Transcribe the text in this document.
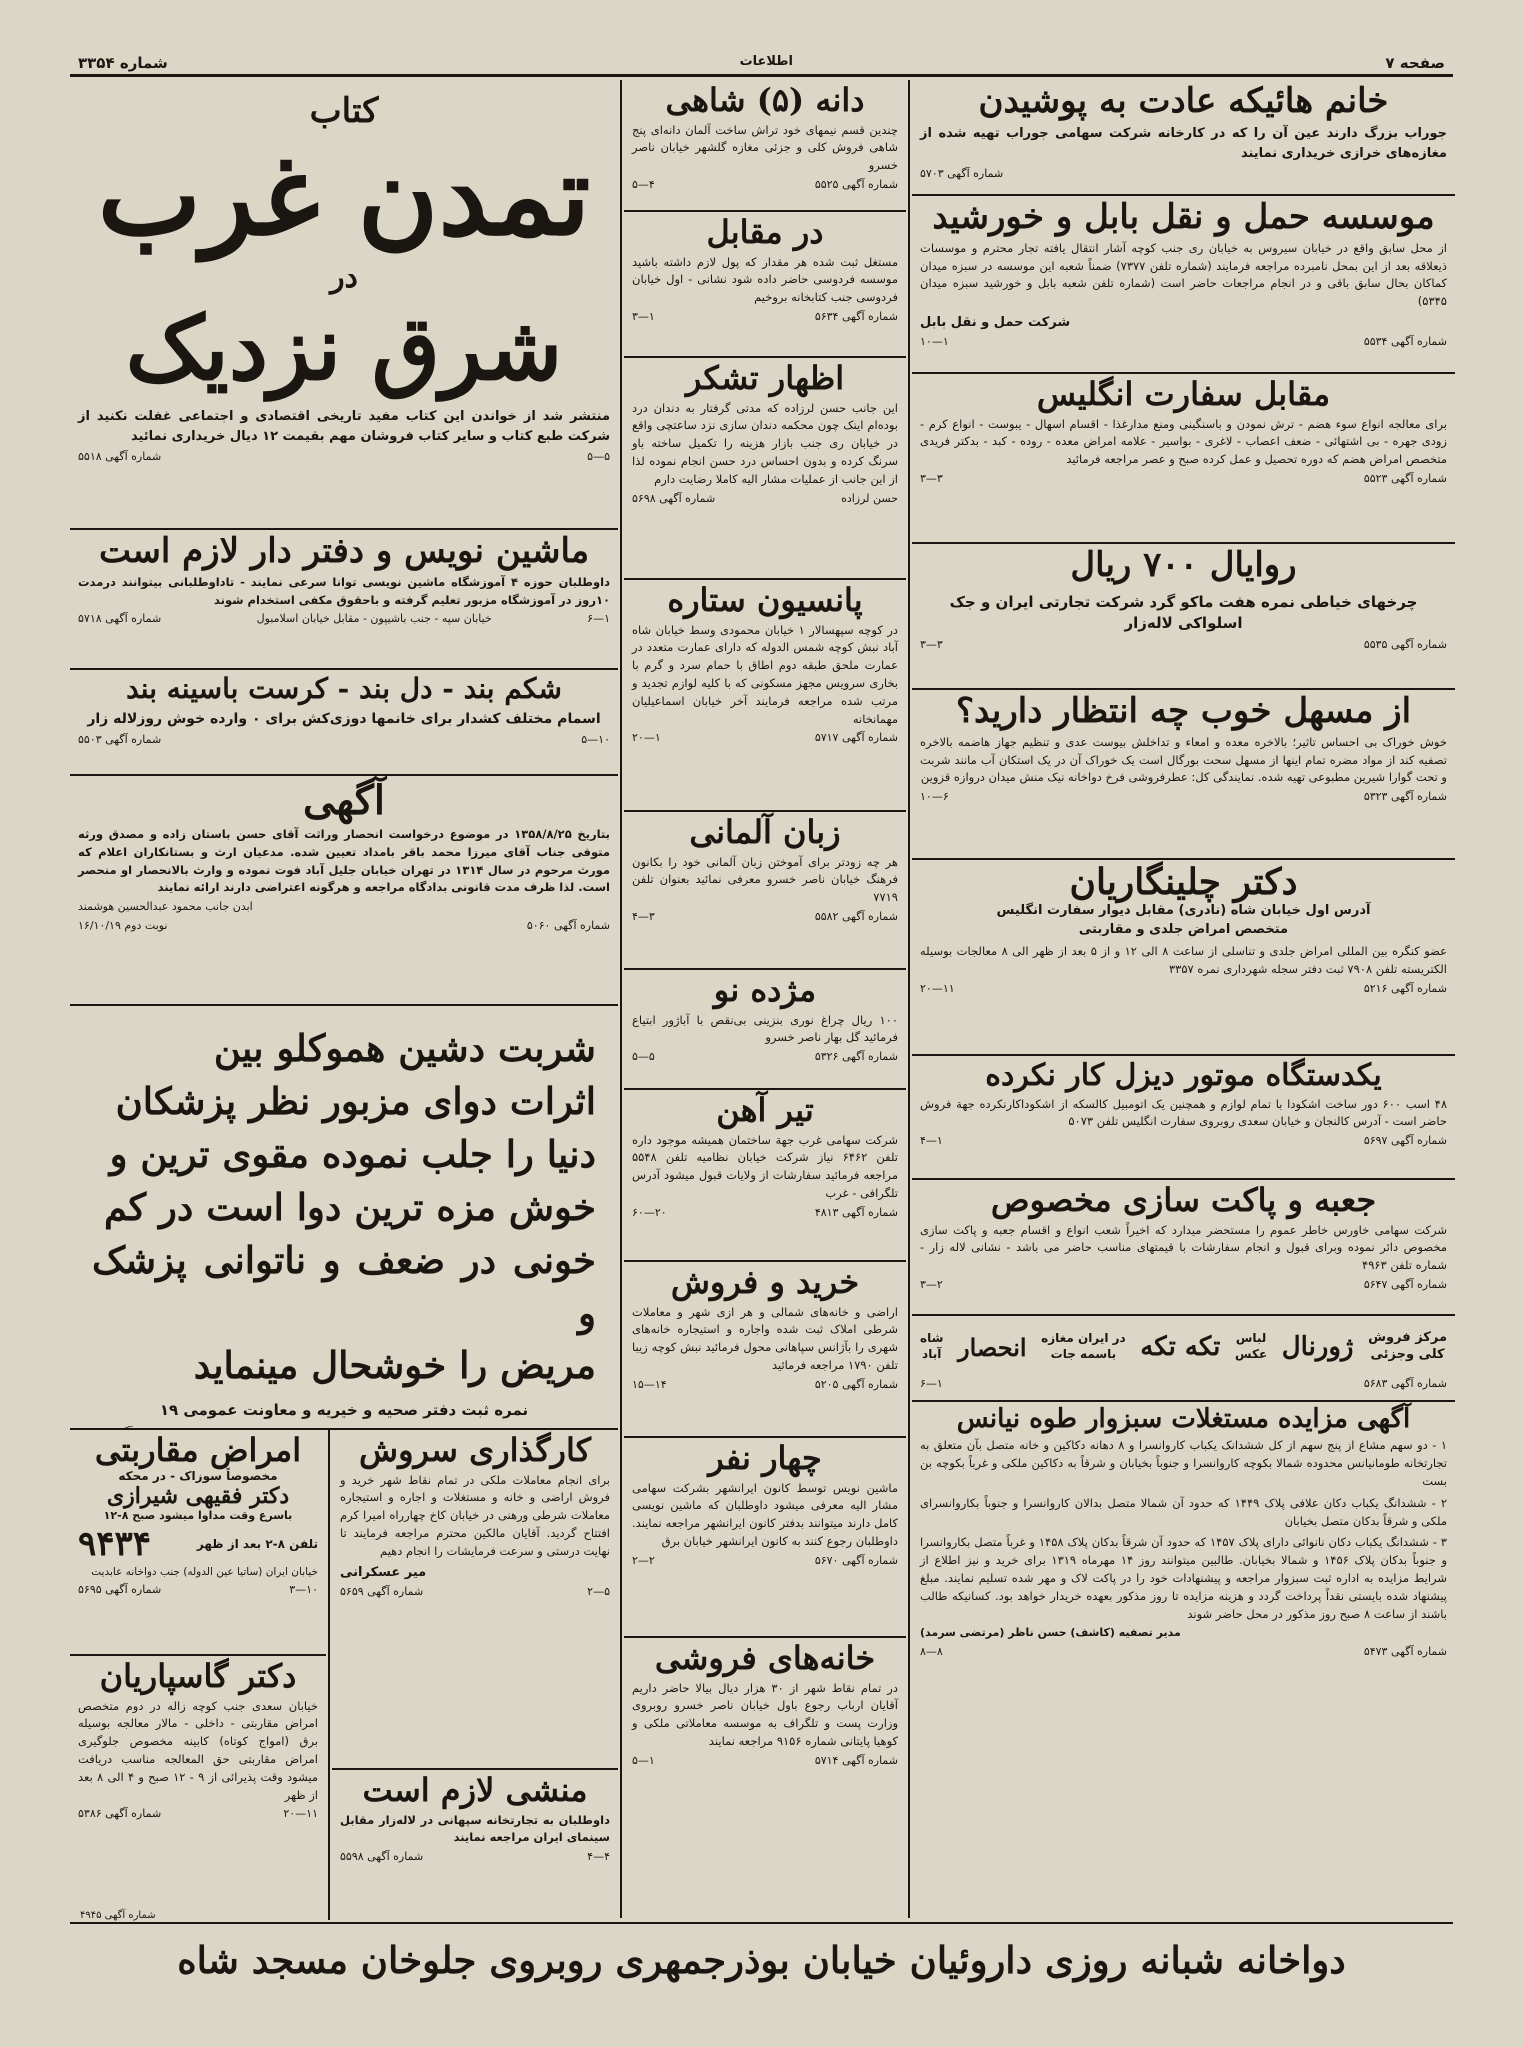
صفحه ۷
اطلاعات
شماره ۳۳۵۴
خانم هائیکه عادت به پوشیدن
جوراب بزرگ دارند عین آن را که در کارخانه شرکت سهامی جوراب تهیه شده از مغازه‌های خرازی خریداری نمایند
شماره آگهی ۵۷۰۳
موسسه حمل و نقل بابل و خورشید
از محل سابق واقع در خیابان سیروس به خیابان ری جنب کوچه آشار انتقال یافته تجار محترم و موسسات ذیعلاقه بعد از این بمحل نامبرده مراجعه فرمایند (شماره تلفن ۷۳۷۷) ضمناً شعبه این موسسه در سبزه میدان کماکان بحال سابق باقی و در انجام مراجعات حاضر است (شماره تلفن شعبه بابل و خورشید سبزه میدان ۵۳۴۵)
شرکت حمل و نقل بابل
شماره آگهی ۵۵۳۴
۱—۱۰
مقابل سفارت انگلیس
برای معالجه انواع سوء هضم - ترش نمودن و باسنگینی ومنع مدارغذا - اقسام اسهال - یبوست - انواع کرم - زودی جهره - بی اشتهائی - ضعف اعصاب - لاغری - بواسیر - علامه امراض معده - روده - کبد - بدکتر فریدی متخصص امراض هضم که دوره تحصیل و عمل کرده صبح و عصر مراجعه فرمائید
شماره آگهی ۵۵۲۳
۳—۳
روایال ۷۰۰ ریال
چرخهای خیاطی نمره هفت ماکو گرد شرکت تجارتی ایران و جک اسلواکی لاله‌زار
شماره آگهی ۵۵۳۵
۳—۳
از مسهل خوب چه انتظار دارید؟
خوش خوراک بی احساس تاثیر؛ بالاخره معده و امعاء و تداخلش بیوست عدی و تنظیم جهاز هاضمه بالاخره تصفیه کند از مواد مضره تمام اینها از مسهل سحت بورگال است یک خوراک آن در یک استکان آب مانند شربت و تحت گوارا شیرین مطبوعی تهیه شده. نمایندگی کل: عطرفروشی فرخ دواخانه نیک منش میدان دروازه قزوین
شماره آگهی ۵۳۲۳
۶—۱۰
دکتر چلینگاریان
آدرس اول خیابان شاه (نادری) مقابل دیوار سفارت انگلیس
متخصص امراض جلدی و مقاربتی
عضو کنگره بین المللی امراض جلدی و تناسلی از ساعت ۸ الی ۱۲ و از ۵ بعد از ظهر الی ۸ معالجات بوسیله الکتریسته تلفن ۷۹۰۸ ثبت دفتر سجله شهرداری نمره ۳۳۵۷
شماره آگهی ۵۲۱۶
۱۱—۲۰
یکدستگاه موتور دیزل کار نکرده
۴۸ اسب ۶۰۰ دور ساخت اشکودا با تمام لوازم و همچنین یک اتومبیل کالسکه از اشکوداکارنکرده جهة فروش حاضر است - آدرس کالنجان و خیابان سعدی روبروی سفارت انگلیس تلفن ۵۰۷۳
شماره آگهی ۵۶۹۷
۱—۴
جعبه و پاکت سازی مخصوص
شرکت سهامی خاورس خاطر عموم را مستحضر میدارد که اخیراً شعب انواع و اقسام جعبه و پاکت سازی مخصوص دائر نموده وبرای قبول و انجام سفارشات با قیمتهای مناسب حاضر می باشد - نشانی لاله زار - شماره تلفن ۴۹۶۳
شماره آگهی ۵۶۴۷
۲—۳
مرکز فروش
کلی وجزئی
ژورنال
لباس
عکس
تکه تکه
در ایران مغازه
باسمه جات
انحصار
شاه
آباد
شماره آگهی ۵۶۸۳
۱—۶
آگهی مزایده مستغلات سبزوار طوه نیانس
۱ - دو سهم مشاع از پنج سهم از کل ششدانک یکباب کاروانسرا و ۸ دهانه دکاکین و خانه متصل بآن متعلق به تجارتخانه طومانیانس محدوده شمالا بکوچه کاروانسرا و جنوباً بخیابان و شرقاً به دکاکین ملکی و غرباً بکوچه بن بست
۲ - ششدانگ یکباب دکان علافی پلاک ۱۴۴۹ که حدود آن شمالا متصل بدالان کاروانسرا و جنوباً بکاروانسرای ملکی و شرقاً بدکان متصل بخیابان
۳ - ششدانگ یکباب دکان نانوائی دارای پلاک ۱۴۵۷ که حدود آن شرقاً بدکان پلاک ۱۴۵۸ و غرباً متصل بکاروانسرا و جنوباً بدکان پلاک ۱۴۵۶ و شمالا بخیابان. طالبین میتوانند روز ۱۴ مهرماه ۱۳۱۹ برای خرید و نیز اطلاع از شرایط مزایده به اداره ثبت سبزوار مراجعه و پیشنهادات خود را در پاکت لاک و مهر شده تسلیم نمایند. مبلغ پیشنهاد شده بایستی نقداً پرداخت گردد و هزینه مزایده تا روز مذکور بعهده خریدار خواهد بود. کسانیکه طالب باشند از ساعت ۸ صبح روز مذکور در محل حاضر شوند
مدیر تصفیه (کاشف) حسن ناظر (مرتضی سرمد)
شماره آگهی ۵۴۷۳
۸—۸
دانه (۵) شاهی
چندین قسم نیمهای خود تراش ساخت آلمان دانه‌ای پنج شاهی فروش کلی و جزئی مغازه گلشهر خیابان ناصر خسرو
شماره آگهی ۵۵۲۵
۴—۵
در مقابل
مستغل ثبت شده هر مقدار که پول لازم داشته باشید موسسه فردوسی حاضر داده شود نشانی - اول خیابان فردوسی جنب کتابخانه بروخیم
شماره آگهی ۵۶۳۴
۱—۳
اظهار تشکر
این جانب حسن لرزاده که مدتی گرفتار به دندان درد بوده‌ام اینک چون محکمه دندان سازی نزد ساعتچی واقع در خیابان ری جنب بازار هزینه را تکمیل ساخته باو سرنگ کرده و بدون احساس درد حسن انجام نموده لذا از این جانب از عملیات مشار الیه کاملا رضایت دارم
حسن لرزاده
شماره آگهی ۵۶۹۸
پانسیون ستاره
در کوچه سپهسالار ۱ خیابان محمودی وسط خیابان شاه آباد نبش کوچه شمس الدوله که دارای عمارت متعدد در عمارت ملحق طبقه دوم اطاق با حمام سرد و گرم با بخاری سرویس مجهز مسکونی که با کلیه لوازم تجدید و مرتب شده مراجعه فرمایند آخر خیابان اسماعیلیان مهمانخانه
شماره آگهی ۵۷۱۷
۱—۲۰
زبان آلمانی
هر چه زودتر برای آموختن زبان آلمانی خود را بکانون فرهنگ خیابان ناصر خسرو معرفی نمائید بعنوان تلفن ۷۷۱۹
شماره آگهی ۵۵۸۲
۳—۴
مژده نو
۱۰۰ ریال چراغ نوری بنزینی بی‌نقص با آباژور ابتیاع فرمائید گل بهار ناصر خسرو
شماره آگهی ۵۳۲۶
۵—۵
تیر آهن
شرکت سهامی غرب جهة ساختمان همیشه موجود داره تلفن ۶۴۶۲ نیاز شرکت خیابان نظامیه تلفن ۵۵۴۸ مراجعه فرمائید سفارشات از ولایات قبول میشود آدرس تلگرافی - غرب
شماره آگهی ۴۸۱۳
۲۰—۶۰
خرید و فروش
اراضی و خانه‌های شمالی و هر ازی شهر و معاملات شرطی املاک ثبت شده واجاره و استیجاره خانه‌های شهری را بآژانس سپاهانی محول فرمائید نبش کوچه زیبا تلفن ۱۷۹۰ مراجعه فرمائید
شماره آگهی ۵۲۰۵
۱۴—۱۵
چهار نفر
ماشین نویس توسط کانون ایرانشهر بشرکت سهامی مشار الیه معرفی میشود داوطلبان که ماشین نویسی کامل دارند میتوانند بدفتر کانون ایرانشهر مراجعه نمایند. داوطلبان رجوع کنند به کانون ایرانشهر خیابان برق
شماره آگهی ۵۶۷۰
۲—۲
خانه‌های فروشی
در تمام نقاط شهر از ۳۰ هزار دیال بیالا حاضر داریم آقایان ارباب رجوع باول خیابان ناصر خسرو روبروی وزارت پست و تلگراف به موسسه معاملاتی ملکی و کوهیا پایتانی شماره ۹۱۵۶ مراجعه نمایند
شماره آگهی ۵۷۱۴
۱—۵
کتاب
تمدن غرب
در
شرق نزدیک
منتشر شد از خواندن این کتاب مفید تاریخی اقتصادی و اجتماعی غفلت نکنید از شرکت طبع کتاب و سایر کتاب فروشان مهم بقیمت ۱۲ دیال خریداری نمائید
۵—۵
شماره آگهی ۵۵۱۸
ماشین نویس و دفتر دار لازم است
داوطلبان حوزه ۴ آموزشگاه ماشین نویسی توانا سرعی نمایند - تاداوطلبانی بیتوانند درمدت ۱۰روز در آموزشگاه مزبور تعلیم گرفته و باحقوق مکفی استخدام شوند
۱—۶
خیابان سپه - جنب باشیپون - مقابل خیابان اسلامبول
شماره آگهی ۵۷۱۸
شکم بند - دل بند - کرست باسینه بند
اسمام مختلف کشدار برای خانمها دوزی‌کش برای ۰ وارده خوش روزلاله زار
۱۰—۵
شماره آگهی ۵۵۰۳
آگهی
بتاریخ ۱۳۵۸/۸/۲۵ در موضوع درخواست انحصار وراثت آقای حسن باستان زاده و مصدق ورثه متوفی جناب آقای میرزا محمد باقر بامداد تعیین شده. مدعیان ارث و بستانکاران اعلام که مورث مرحوم در سال ۱۳۱۴ در تهران خیابان جلیل آباد فوت نموده و وارث بالانحصار او منحصر است. لذا ظرف مدت قانونی بدادگاه مراجعه و هرگونه اعتراضی دارند ارائه نمایند
ابدن جانب محمود عبدالحسین هوشمند
شماره آگهی ۵۰۶۰
نوبت دوم ۱۶/۱۰/۱۹
شربت دشین هموکلو بین
اثرات دوای مزبور نظر پزشکان
دنیا را جلب نموده مقوی ترین و
خوش مزه ترین دوا است در کم
خونی در ضعف و ناتوانی پزشک و
مریض را خوشحال مینماید
نمره ثبت دفتر صحیه و خیریه و معاونت عمومی ۱۹
کارگذاری سروش
برای انجام معاملات ملکی در تمام نقاط شهر خرید و فروش اراضی و خانه و مستغلات و اجاره و استیجاره معاملات شرطی ورهنی در خیابان کاخ چهارراه امیرا کرم افتتاح گردید. آقایان مالکین محترم مراجعه فرمایند تا نهایت درستی و سرعت فرمایشات را انجام دهیم
میر عسکرانی
۵—۲
شماره آگهی ۵۶۵۹
منشی لازم است
داوطلبان به تجارتخانه سپهانی در لاله‌زار مقابل سینمای ایران مراجعه نمایند
۴—۴
شماره آگهی ۵۵۹۸
امراض مقاربتی
مخصوصاً سوزاک - در محکه
دکتر فقیهی شیرازی
باسرع وقت مداوا میشود صبح ۸-۱۲
تلفن ۸-۲ بعد از ظهر
۹۴۳۴
خیابان ایران (ساتیا عین الدوله) جنب دواخانه عابدیت
۱۰—۳
شماره آگهی ۵۶۹۵
دکتر گاسپاریان
خیابان سعدی جنب کوچه زاله در دوم متخصص امراض مقاربتی - داخلی - مالار معالجه بوسیله برق (امواج کوتاه) کابینه مخصوص جلوگیری امراض مقاربتی حق المعالجه مناسب دریافت میشود وقت پذیرائی از ۹ - ۱۲ صبح و ۴ الی ۸ بعد از ظهر
۱۱—۲۰
شماره آگهی ۵۳۸۶
شماره آگهی ۴۹۴۵
دواخانه شبانه روزی داروئیان خیابان بوذرجمهری روبروی جلوخان مسجد شاه
